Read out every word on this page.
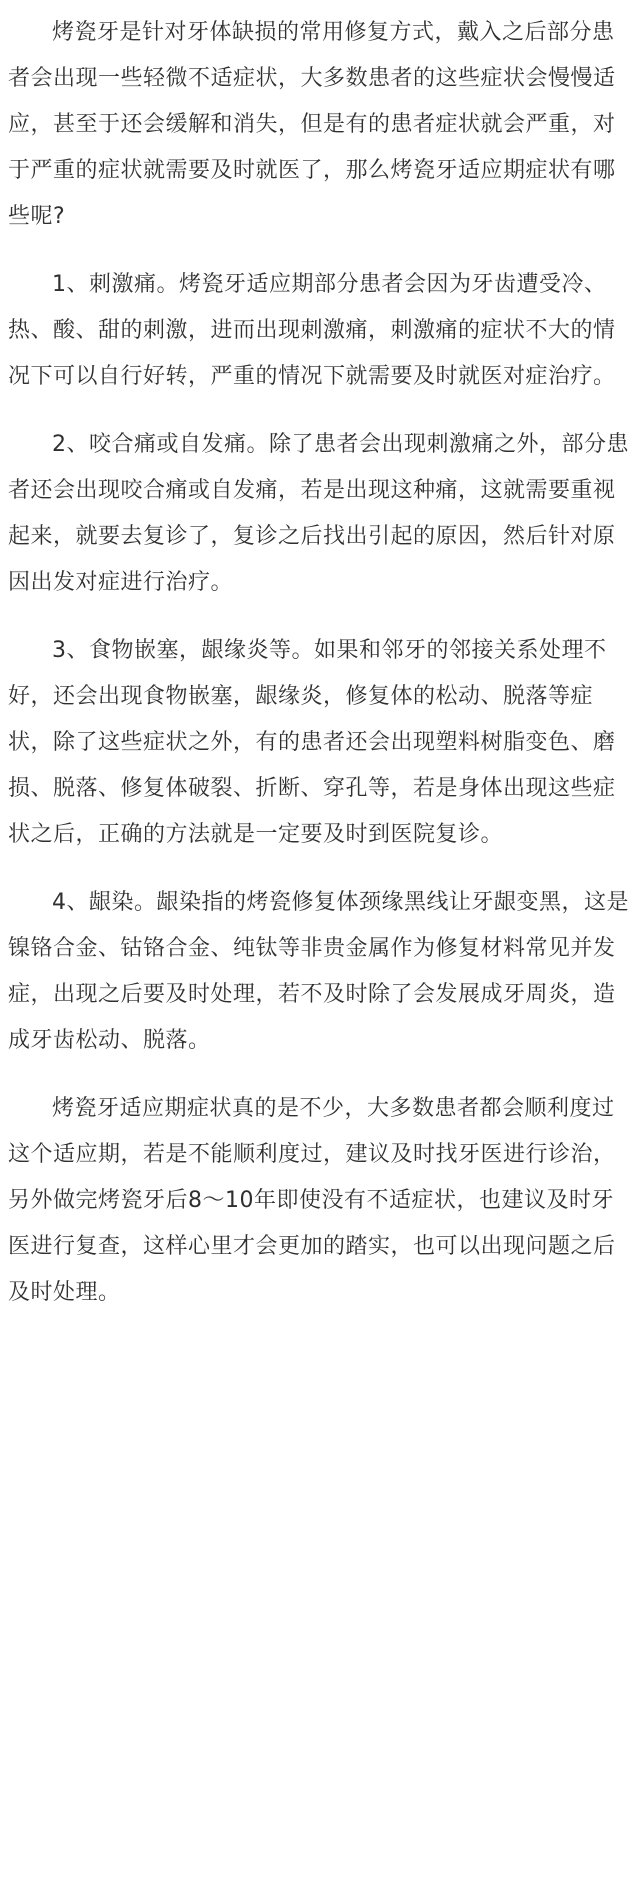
烤瓷牙是针对牙体缺损的常用修复方式，戴入之后部分患者会出现一些轻微不适症状，大多数患者的这些症状会慢慢适应，甚至于还会缓解和消失，但是有的患者症状就会严重，对于严重的症状就需要及时就医了，那么烤瓷牙适应期症状有哪些呢?

1、刺激痛。烤瓷牙适应期部分患者会因为牙齿遭受冷、热、酸、甜的刺激，进而出现刺激痛，刺激痛的症状不大的情况下可以自行好转，严重的情况下就需要及时就医对症治疗。

2、咬合痛或自发痛。除了患者会出现刺激痛之外，部分患者还会出现咬合痛或自发痛，若是出现这种痛，这就需要重视起来，就要去复诊了，复诊之后找出引起的原因，然后针对原因出发对症进行治疗。

3、食物嵌塞，龈缘炎等。如果和邻牙的邻接关系处理不好，还会出现食物嵌塞，龈缘炎，修复体的松动、脱落等症状，除了这些症状之外，有的患者还会出现塑料树脂变色、磨损、脱落、修复体破裂、折断、穿孔等，若是身体出现这些症状之后，正确的方法就是一定要及时到医院复诊。

4、龈染。龈染指的烤瓷修复体颈缘黑线让牙龈变黑，这是镍铬合金、钴铬合金、纯钛等非贵金属作为修复材料常见并发症，出现之后要及时处理，若不及时除了会发展成牙周炎，造成牙齿松动、脱落。

烤瓷牙适应期症状真的是不少，大多数患者都会顺利度过这个适应期，若是不能顺利度过，建议及时找牙医进行诊治，另外做完烤瓷牙后8～10年即使没有不适症状，也建议及时牙医进行复查，这样心里才会更加的踏实，也可以出现问题之后及时处理。
